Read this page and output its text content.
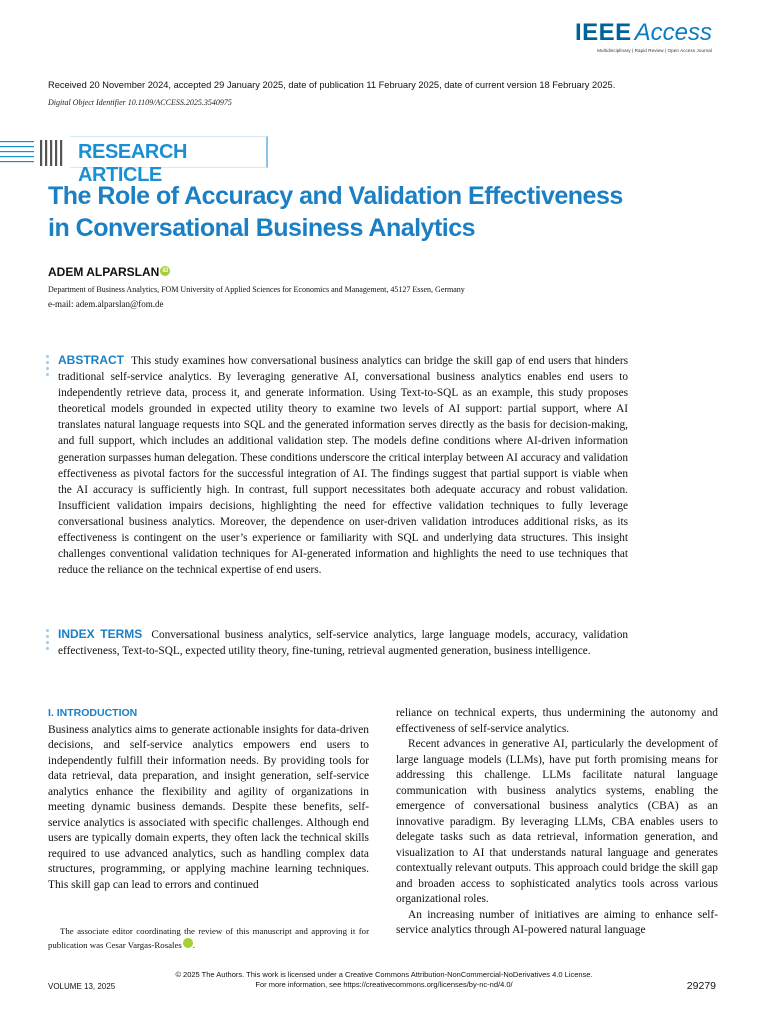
IEEE Access
Multidisciplinary | Rapid Review | Open Access Journal
Received 20 November 2024, accepted 29 January 2025, date of publication 11 February 2025, date of current version 18 February 2025.
Digital Object Identifier 10.1109/ACCESS.2025.3540975
RESEARCH ARTICLE
The Role of Accuracy and Validation Effectiveness
in Conversational Business Analytics
ADEM ALPARSLAN iD
Department of Business Analytics, FOM University of Applied Sciences for Economics and Management, 45127 Essen, Germany
e-mail: adem.alparslan@fom.de
ABSTRACT This study examines how conversational business analytics can bridge the skill gap of end users that hinders traditional self-service analytics. By leveraging generative AI, conversational business analytics enables end users to independently retrieve data, process it, and generate information. Using Text-to-SQL as an example, this study proposes theoretical models grounded in expected utility theory to examine two levels of AI support: partial support, where AI translates natural language requests into SQL and the generated information serves directly as the basis for decision-making, and full support, which includes an additional validation step. The models define conditions where AI-driven information generation surpasses human delegation. These conditions underscore the critical interplay between AI accuracy and validation effectiveness as pivotal factors for the successful integration of AI. The findings suggest that partial support is viable when the AI accuracy is sufficiently high. In contrast, full support necessitates both adequate accuracy and robust validation. Insufficient validation impairs decisions, highlighting the need for effective validation techniques to fully leverage conversational business analytics. Moreover, the dependence on user-driven validation introduces additional risks, as its effectiveness is contingent on the user’s experience or familiarity with SQL and underlying data structures. This insight challenges conventional validation techniques for AI-generated information and highlights the need to use techniques that reduce the reliance on the technical expertise of end users.
INDEX TERMS Conversational business analytics, self-service analytics, large language models, accuracy, validation effectiveness, Text-to-SQL, expected utility theory, fine-tuning, retrieval augmented generation, business intelligence.
I. INTRODUCTION

Business analytics aims to generate actionable insights for data-driven decisions, and self-service analytics empowers end users to independently fulfill their information needs. By providing tools for data retrieval, data preparation, and insight generation, self-service analytics enhance the flexibility and agility of organizations in meeting dynamic business demands. Despite these benefits, self-service analytics is associated with specific challenges. Although end users are typically domain experts, they often lack the technical skills required to use advanced analytics, such as handling complex data structures, programming, or applying machine learning techniques. This skill gap can lead to errors and continued

The associate editor coordinating the review of this manuscript and approving it for publication was Cesar Vargas-Rosales iD.

reliance on technical experts, thus undermining the autonomy and effectiveness of self-service analytics.

Recent advances in generative AI, particularly the development of large language models (LLMs), have put forth promising means for addressing this challenge. LLMs facilitate natural language communication with business analytics systems, enabling the emergence of conversational business analytics (CBA) as an innovative paradigm. By leveraging LLMs, CBA enables users to delegate tasks such as data retrieval, information generation, and visualization to AI that understands natural language and generates contextually relevant outputs. This approach could bridge the skill gap and broaden access to sophisticated analytics tools across various organizational roles.

An increasing number of initiatives are aiming to enhance self-service analytics through AI-powered natural language

© 2025 The Authors. This work is licensed under a Creative Commons Attribution-NonCommercial-NoDerivatives 4.0 License.
For more information, see https://creativecommons.org/licenses/by-nc-nd/4.0/
VOLUME 13, 2025	29279
